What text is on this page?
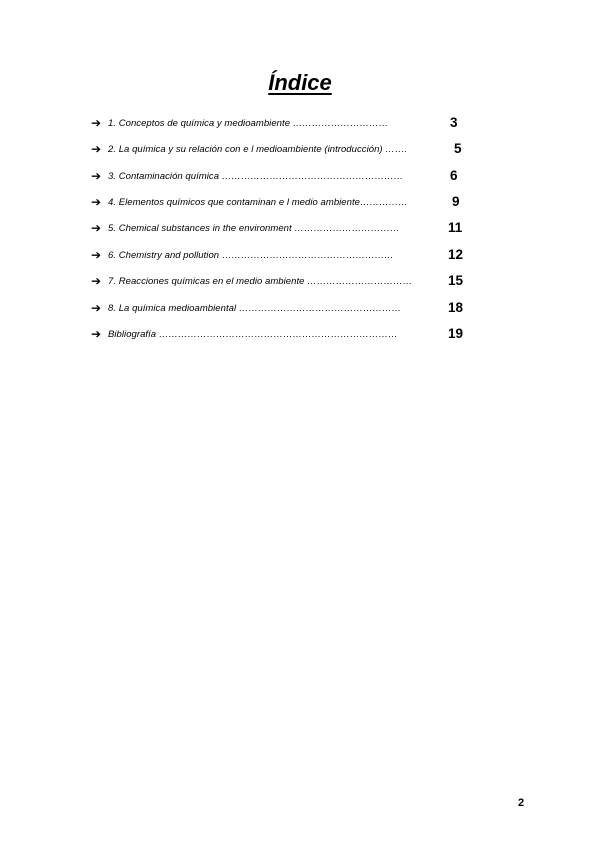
Índice
➔ 1. Conceptos de química y medioambiente …………………………	3
➔ 2. La química y su relación con e l medioambiente (introducción) …….	5
➔ 3. Contaminación química …………………………………………………	6
➔ 4. Elementos químicos que contaminan e l medio ambiente……………	9
➔ 5. Chemical substances in the environment ……………………………	11
➔ 6. Chemistry and pollution ………………………………………………	12
➔ 7. Reacciones químicas en el medio ambiente ……………………………	15
➔ 8. La química medioambiental ……………………………………………	18
➔ Bibliografía …………………………………………………………………	19
2
